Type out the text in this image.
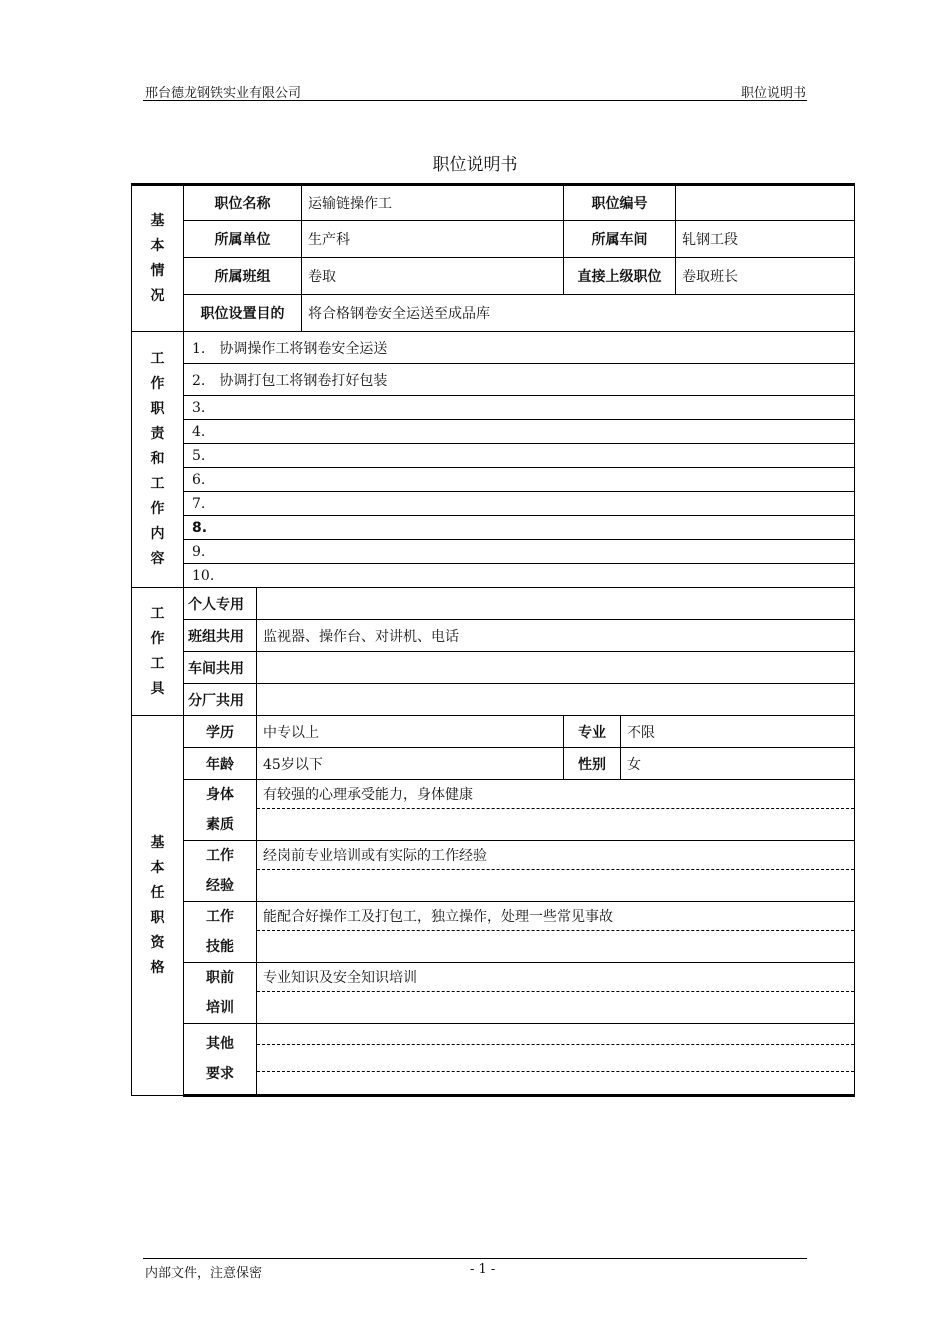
邢台德龙钢铁实业有限公司	职位说明书
职位说明书
基本情况	职位名称		运输链操作工	职位编号		
	所属单位		生产科	所属车间		轧钢工段
	所属班组		卷取	直接上级职位		卷取班长
	职位设置目的		将合格钢卷安全运送至成品库			
工作职责和工作内容	1.　协调操作工将钢卷安全运送					
	2.　协调打包工将钢卷打好包装					
	3.					
	4.					
	5.					
	6.					
	7.					
	8.					
	9.					
	10.					
工作工具	个人专用					
	班组共用	监视器、操作台、对讲机、电话				
	车间共用					
	分厂共用					
基本任职资格	学历	中专以上		专业	不限	
	年龄	45岁以下		性别	女	
	身体素质	有较强的心理承受能力，身体健康				

	工作经验	经岗前专业培训或有实际的工作经验				

	工作技能	能配合好操作工及打包工，独立操作，处理一些常见事故				

	职前培训	专业知识及安全知识培训				

	其他要求					
内部文件，注意保密	- 1 -
